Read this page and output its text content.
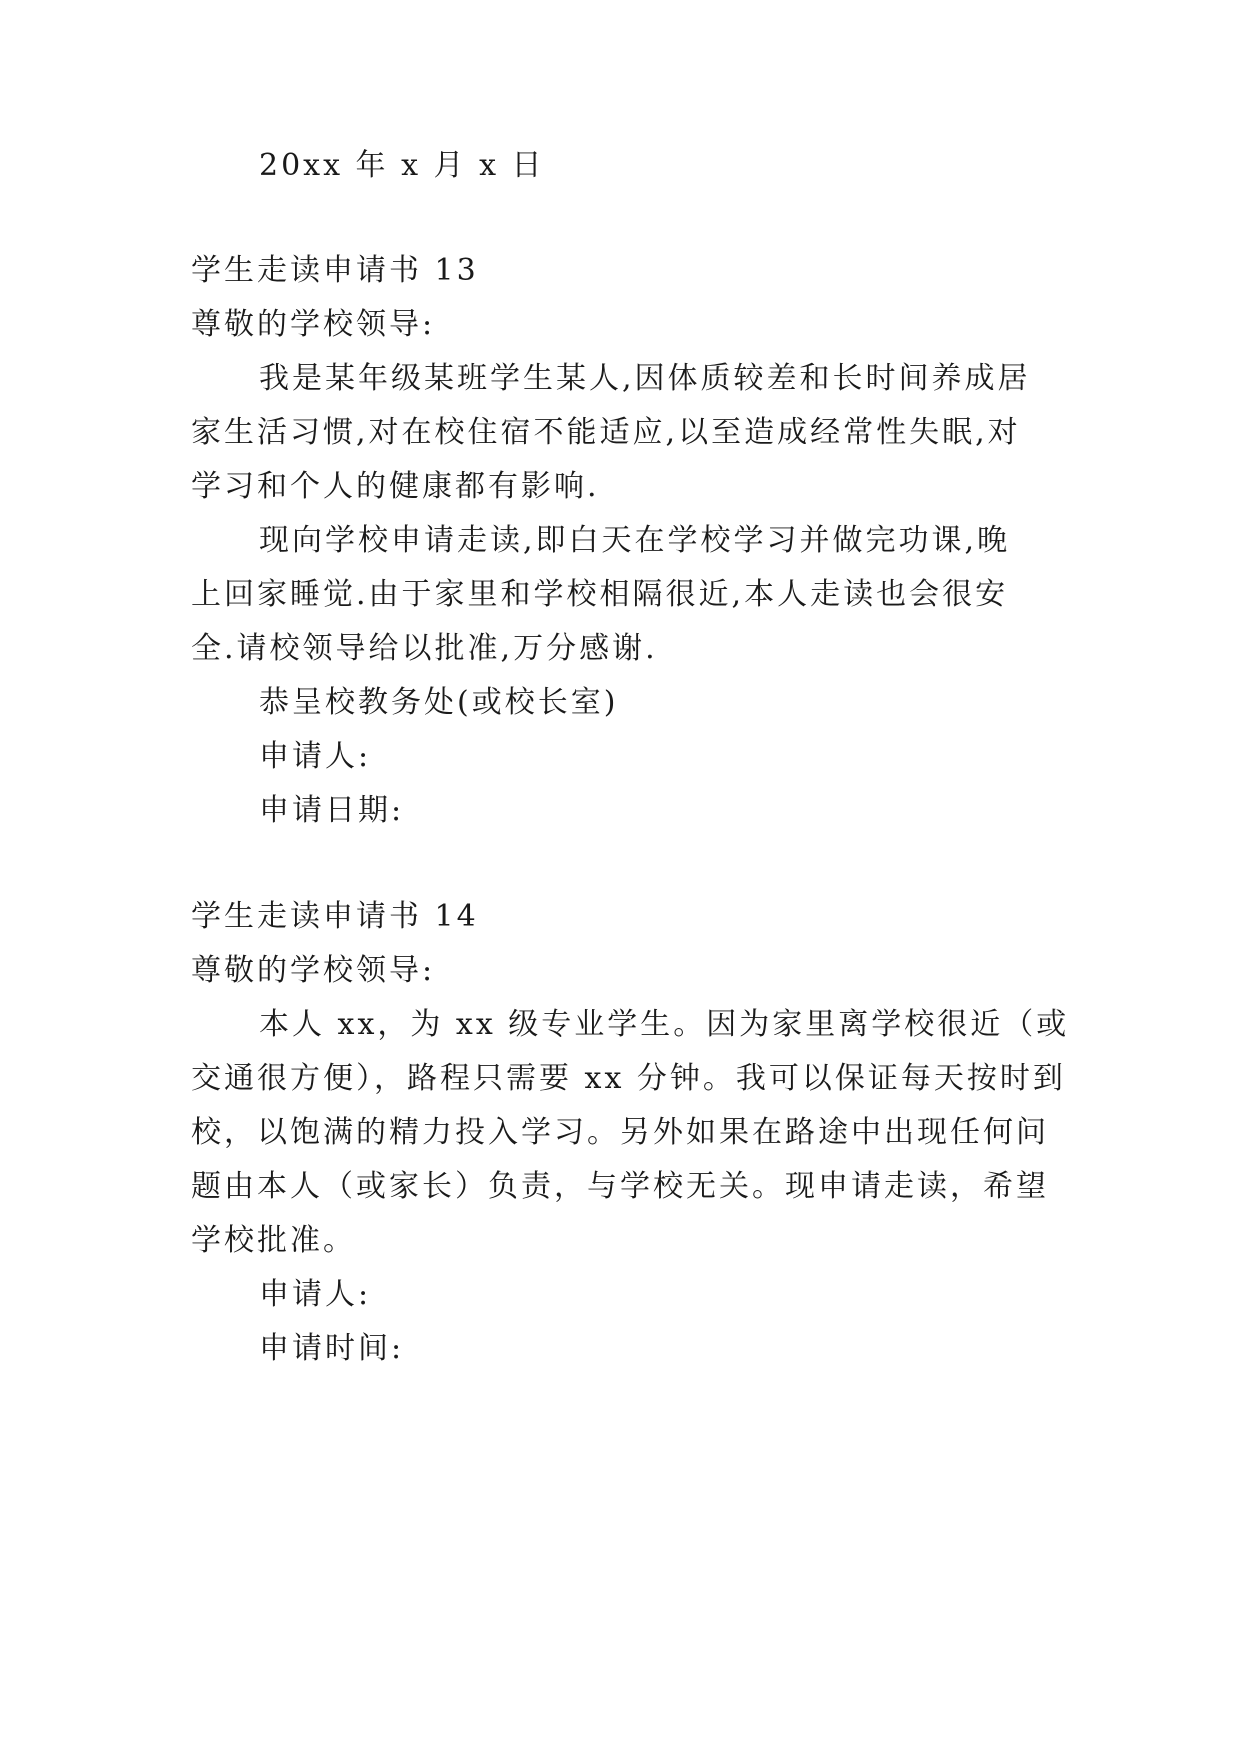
20xx 年 x 月 x 日
学生走读申请书 13
尊敬的学校领导:
我是某年级某班学生某人,因体质较差和长时间养成居
家生活习惯,对在校住宿不能适应,以至造成经常性失眠,对
学习和个人的健康都有影响.
现向学校申请走读,即白天在学校学习并做完功课,晚
上回家睡觉.由于家里和学校相隔很近,本人走读也会很安
全.请校领导给以批准,万分感谢.
恭呈校教务处(或校长室)
申请人:
申请日期:
学生走读申请书 14
尊敬的学校领导:
本人 xx，为 xx 级专业学生。因为家里离学校很近（或
交通很方便），路程只需要 xx 分钟。我可以保证每天按时到
校，以饱满的精力投入学习。另外如果在路途中出现任何问
题由本人（或家长）负责，与学校无关。现申请走读，希望
学校批准。
申请人:
申请时间:
